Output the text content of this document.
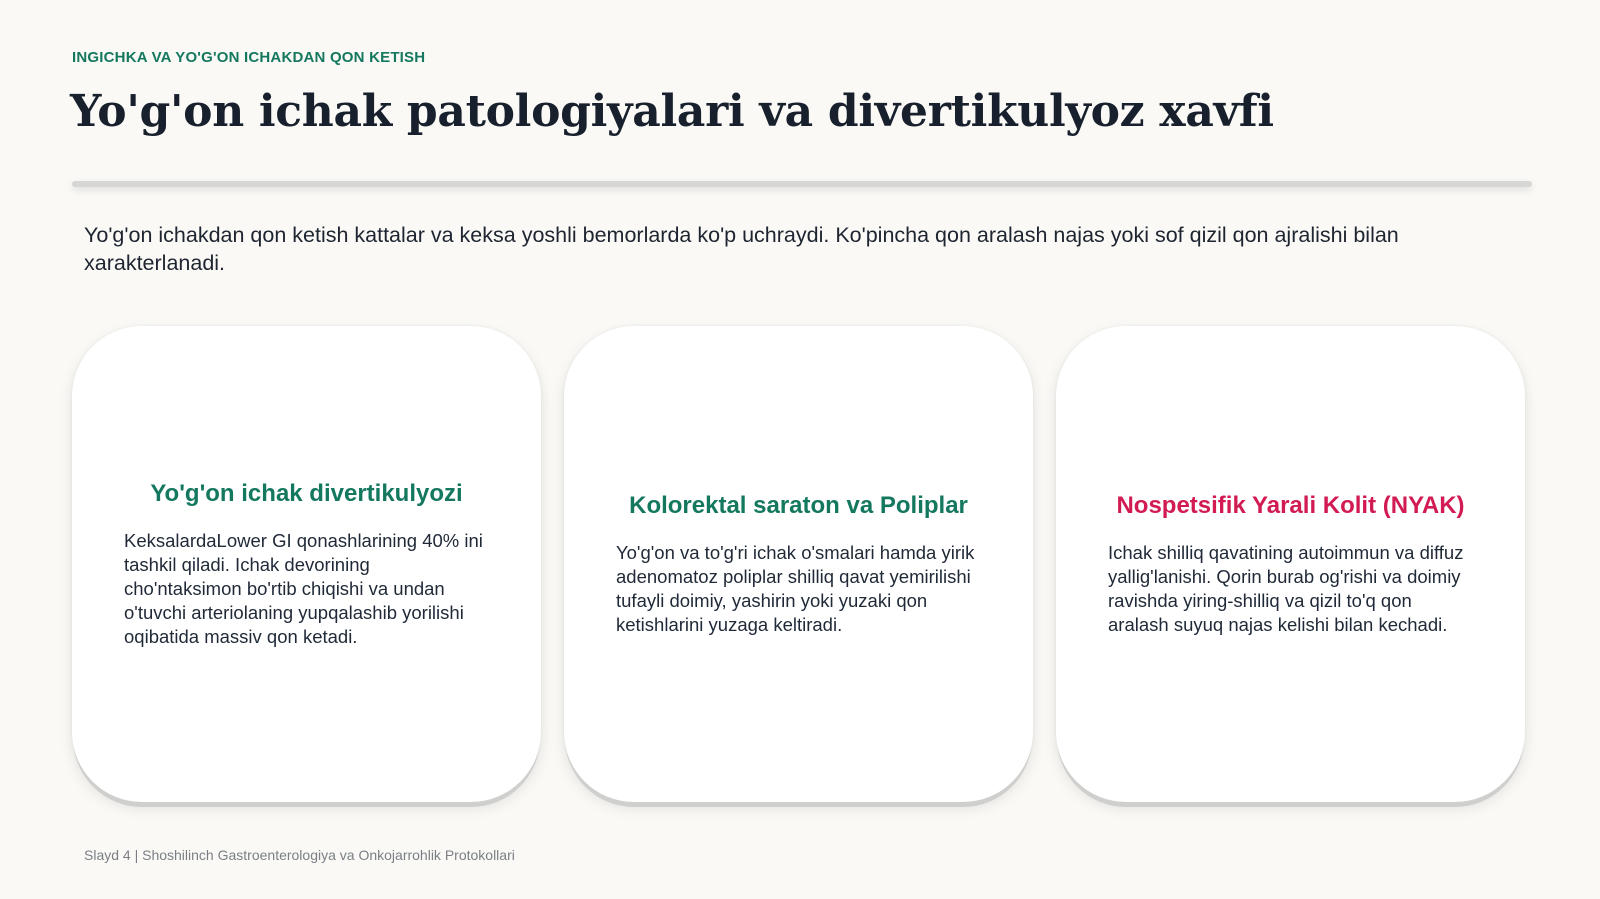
INGICHKA VA YO'G'ON ICHAKDAN QON KETISH
Yo'g'on ichak patologiyalari va divertikulyoz xavfi

Yo'g'on ichakdan qon ketish kattalar va keksa yoshli bemorlarda ko'p uchraydi. Ko'pincha qon aralash najas yoki sof qizil qon ajralishi bilan xarakterlanadi.

Yo'g'on ichak divertikulyozi

KeksalardaLower GI qonashlarining 40% ini tashkil qiladi. Ichak devorining cho'ntaksimon bo'rtib chiqishi va undan o'tuvchi arteriolaning yupqalashib yorilishi oqibatida massiv qon ketadi.

Kolorektal saraton va Poliplar

Yo'g'on va to'g'ri ichak o'smalari hamda yirik adenomatoz poliplar shilliq qavat yemirilishi tufayli doimiy, yashirin yoki yuzaki qon ketishlarini yuzaga keltiradi.

Nospetsifik Yarali Kolit (NYAK)

Ichak shilliq qavatining autoimmun va diffuz yallig'lanishi. Qorin burab og'rishi va doimiy ravishda yiring-shilliq va qizil to'q qon aralash suyuq najas kelishi bilan kechadi.

Slayd 4 | Shoshilinch Gastroenterologiya va Onkojarrohlik Protokollari
